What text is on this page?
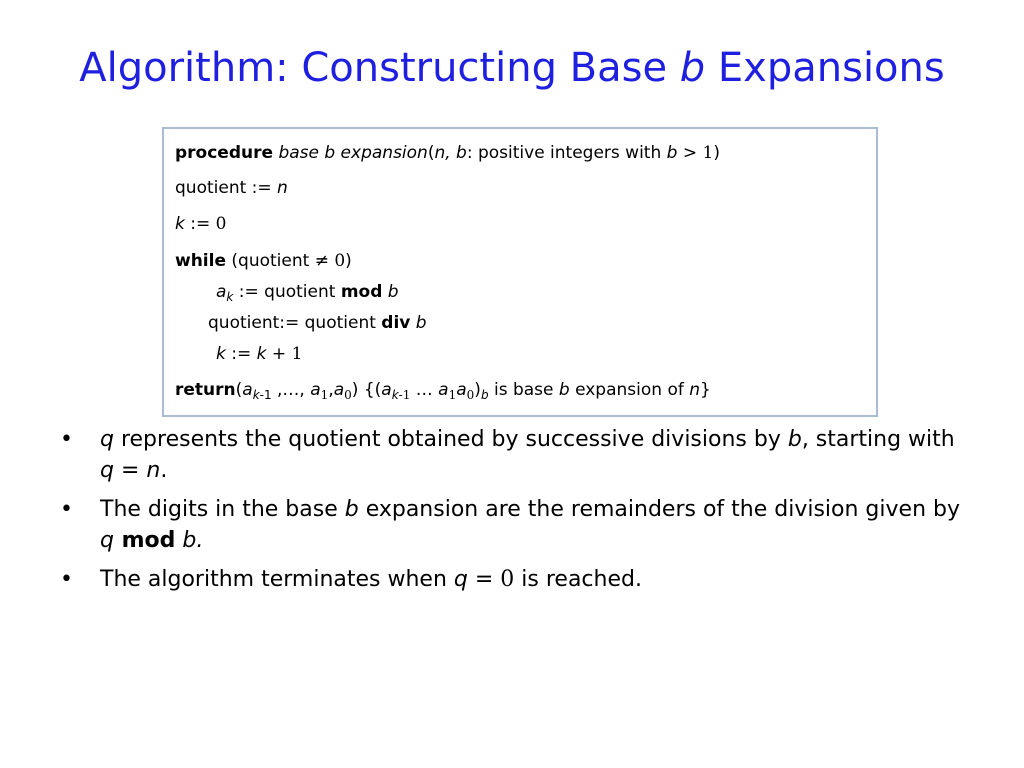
Algorithm: Constructing Base b Expansions
procedure base b expansion(n, b: positive integers with b > 1)
quotient := n
k := 0
while (quotient ≠ 0)
$a_k$ := quotient mod b
quotient:= quotient div b
k := k + 1
$return(a_{k-1}$ ,…, $a_1,a_0$) {($a_{k-1}$ … $a_1a_0)_b$ is base b expansion of n}
• q represents the quotient obtained by successive divisions by b, starting with q = n.
• The digits in the base b expansion are the remainders of the division given by q mod b.
• The algorithm terminates when q = 0 is reached.
